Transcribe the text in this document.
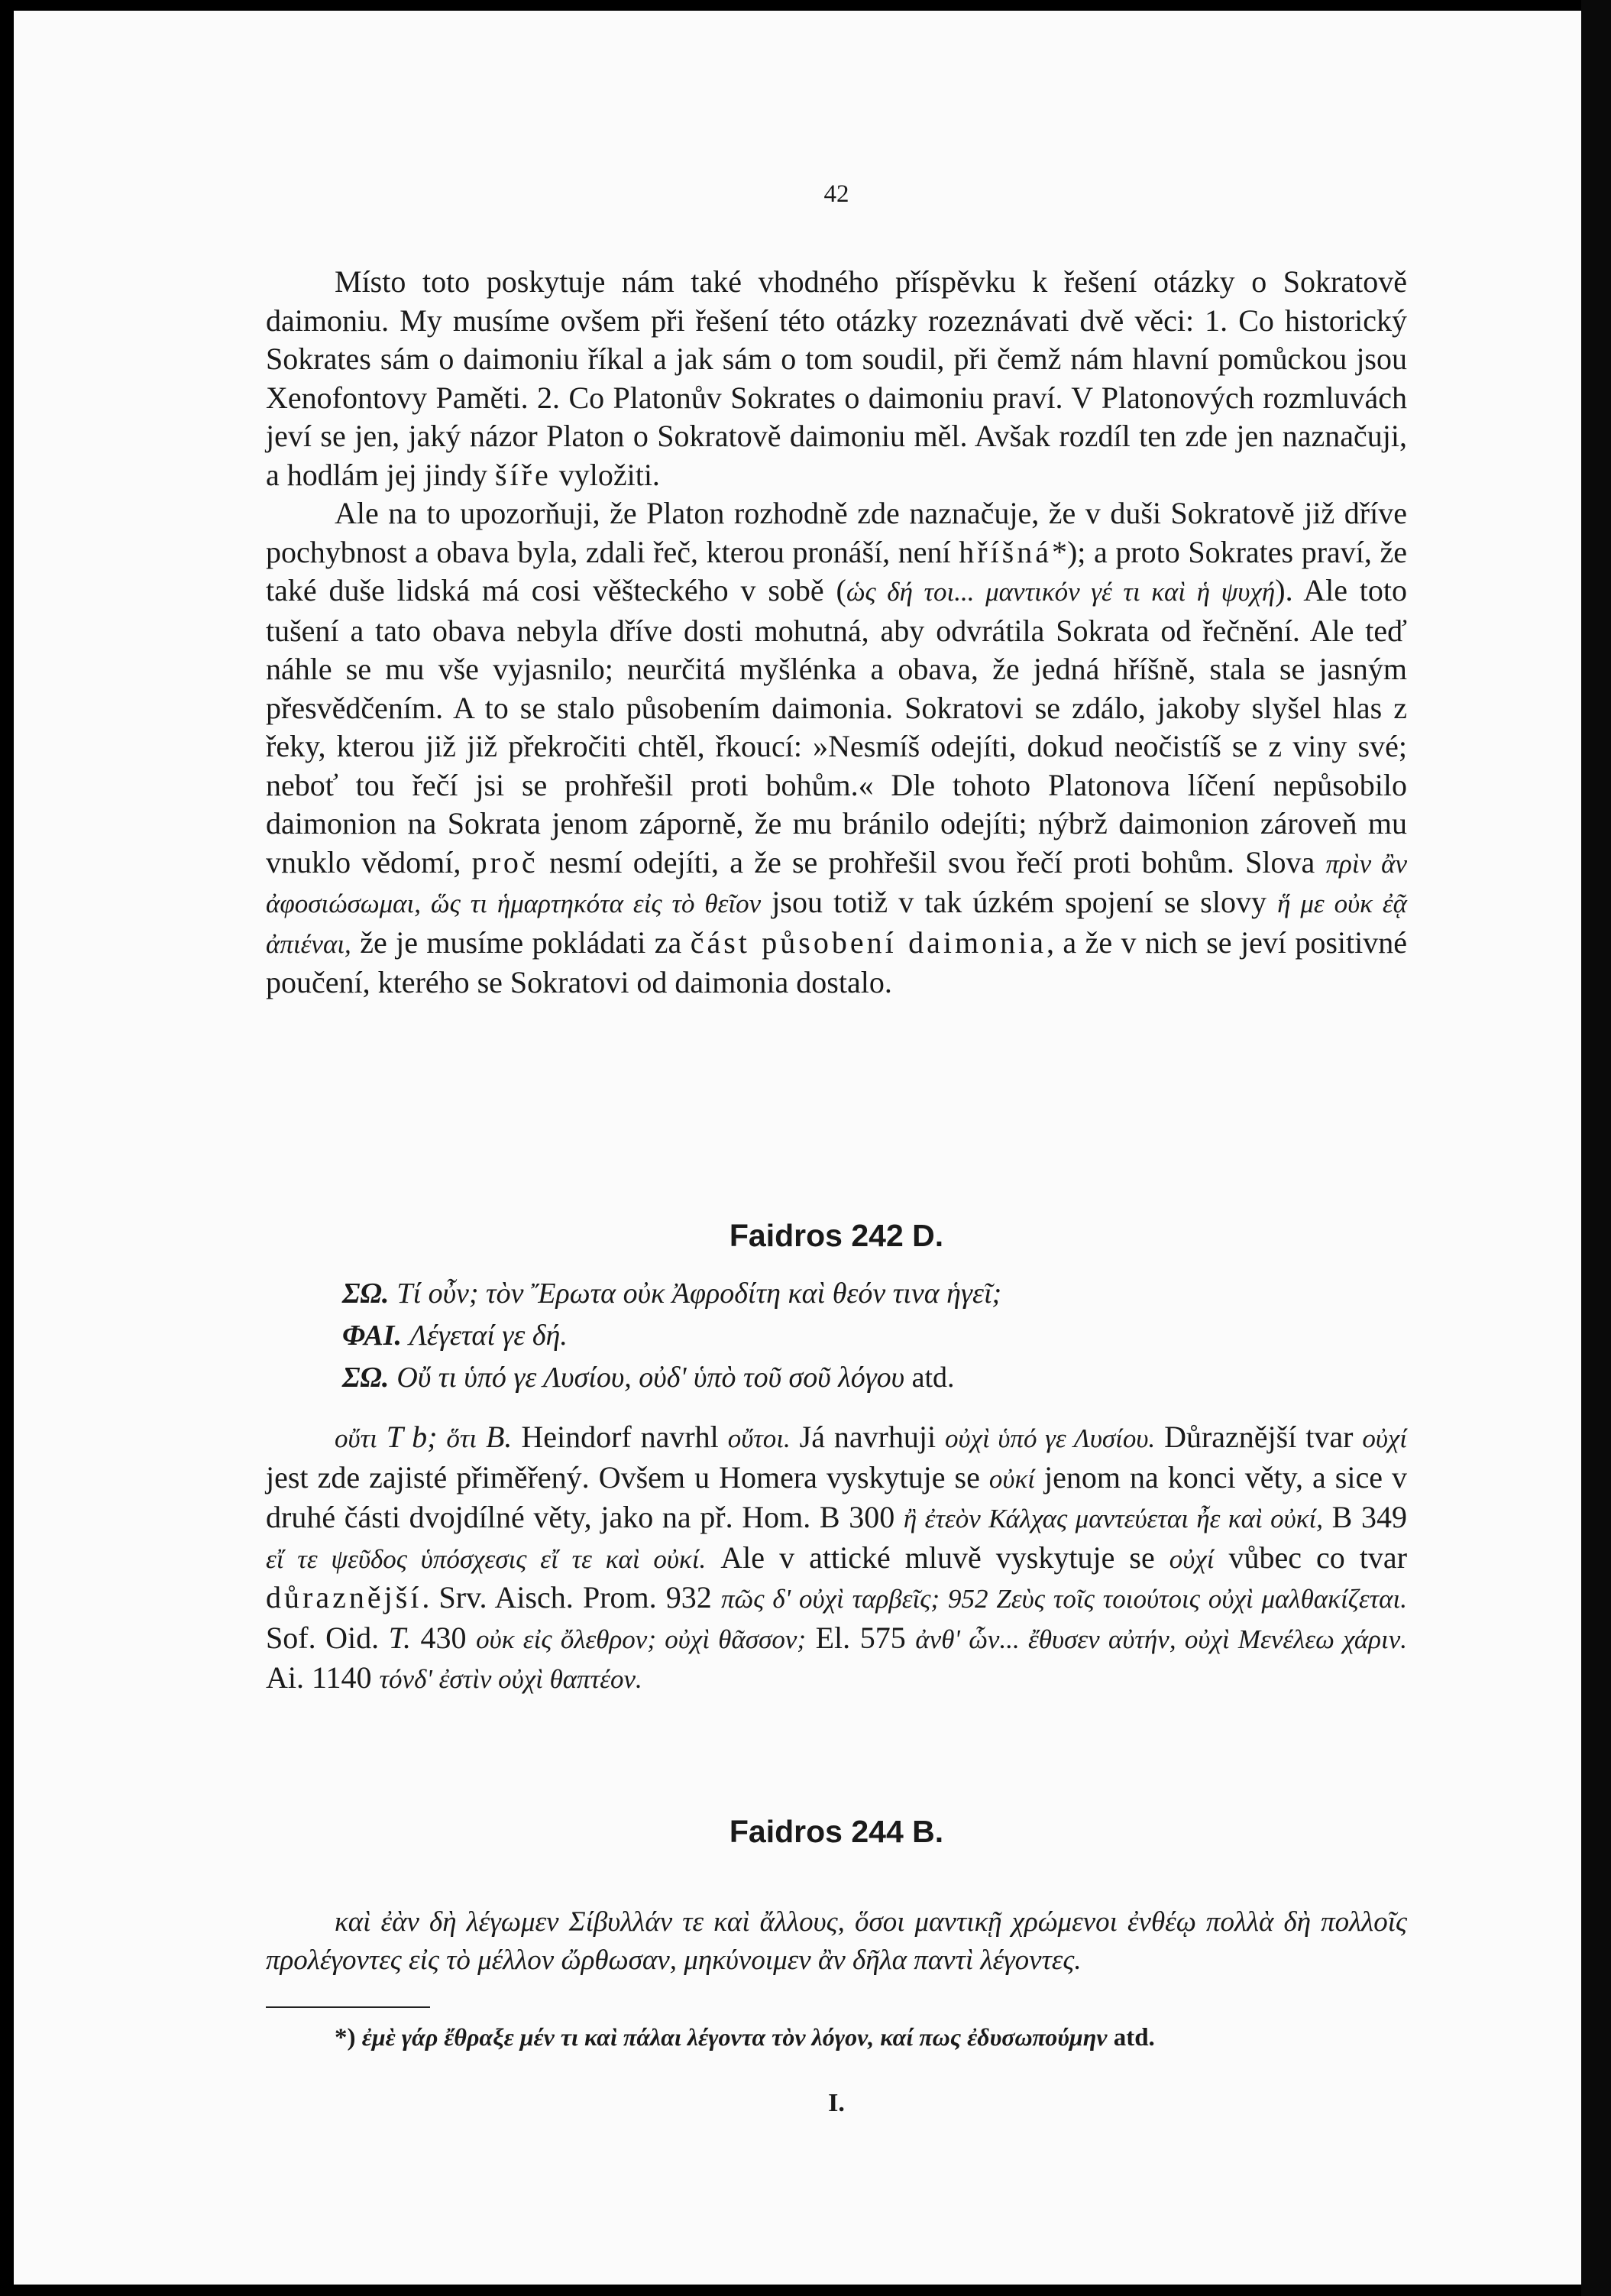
42

Místo toto poskytuje nám také vhodného příspěvku k řešení otázky o Sokratově daimoniu. My musíme ovšem při řešení této otázky rozeznávati dvě věci: 1. Co historický Sokrates sám o daimoniu říkal a jak sám o tom soudil, při čemž nám hlavní pomůckou jsou Xenofontovy Paměti. 2. Co Platonův Sokrates o daimoniu praví. V Platonových rozmluvách jeví se jen, jaký názor Platon o Sokratově daimoniu měl. Avšak rozdíl ten zde jen naznačuji, a hodlám jej jindy šíře vyložiti.

Ale na to upozorňuji, že Platon rozhodně zde naznačuje, že v duši Sokratově již dříve pochybnost a obava byla, zdali řeč, kterou pronáší, není hříšná*); a proto Sokrates praví, že také duše lidská má cosi věšteckého v sobě (ὡς δή τοι... μαντικόν γέ τι καὶ ἡ ψυχή). Ale toto tušení a tato obava nebyla dříve dosti mohutná, aby odvrátila Sokrata od řečnění. Ale teď náhle se mu vše vyjasnilo; neurčitá myšlénka a obava, že jedná hříšně, stala se jasným přesvědčením. A to se stalo působením daimonia. Sokratovi se zdálo, jakoby slyšel hlas z řeky, kterou již již překročiti chtěl, řkoucí: »Nesmíš odejíti, dokud neočistíš se z viny své; neboť tou řečí jsi se prohřešil proti bohům.« Dle tohoto Platonova líčení nepůsobilo daimonion na Sokrata jenom záporně, že mu bránilo odejíti; nýbrž daimonion zároveň mu vnuklo vědomí, proč nesmí odejíti, a že se prohřešil svou řečí proti bohům. Slova πρὶν ἂν ἀφοσιώσωμαι, ὥς τι ἡμαρτηκότα εἰς τὸ θεῖον jsou totiž v tak úzkém spojení se slovy ἥ με οὐκ ἐᾷ ἀπιέναι, že je musíme pokládati za část působení daimonia, a že v nich se jeví positivné poučení, kterého se Sokratovi od daimonia dostalo.

Faidros 242 D.
ΣΩ. Τί οὖν; τὸν Ἔρωτα οὐκ Ἀφροδίτη καὶ θεόν τινα ἡγεῖ;
ΦΑΙ. Λέγεταί γε δή.
ΣΩ. Οὔ τι ὑπό γε Λυσίου, οὐδ' ὑπὸ τοῦ σοῦ λόγου atd.

οὔτι T b; ὅτι B. Heindorf navrhl οὔτοι. Já navrhuji οὐχὶ ὑπό γε Λυσίου. Důraznější tvar οὐχί jest zde zajisté přiměřený. Ovšem u Homera vyskytuje se οὐκί jenom na konci věty, a sice v druhé části dvojdílné věty, jako na př. Hom. B 300 ἢ ἐτεὸν Κάλχας μαντεύεται ἦε καὶ οὐκί, B 349 εἴ τε ψεῦδος ὑπόσχεσις εἴ τε καὶ οὐκί. Ale v attické mluvě vyskytuje se οὐχί vůbec co tvar důraznější. Srv. Aisch. Prom. 932 πῶς δ' οὐχὶ ταρβεῖς; 952 Ζεὺς τοῖς τοιούτοις οὐχὶ μαλθακίζεται. Sof. Oid. T. 430 οὐκ εἰς ὄλεθρον; οὐχὶ θᾶσσον; El. 575 ἀνθ' ὧν... ἔθυσεν αὐτήν, οὐχὶ Μενέλεω χάριν. Ai. 1140 τόνδ' ἐστὶν οὐχὶ θαπτέον.

Faidros 244 B.

καὶ ἐὰν δὴ λέγωμεν Σίβυλλάν τε καὶ ἄλλους, ὅσοι μαντικῇ χρώμενοι ἐνθέῳ πολλὰ δὴ πολλοῖς προλέγοντες εἰς τὸ μέλλον ὤρθωσαν, μηκύνοιμεν ἂν δῆλα παντὶ λέγοντες.

*) ἐμὲ γάρ ἔθραξε μέν τι καὶ πάλαι λέγοντα τὸν λόγον, καί πως ἐδυσωπούμην atd.
I.
